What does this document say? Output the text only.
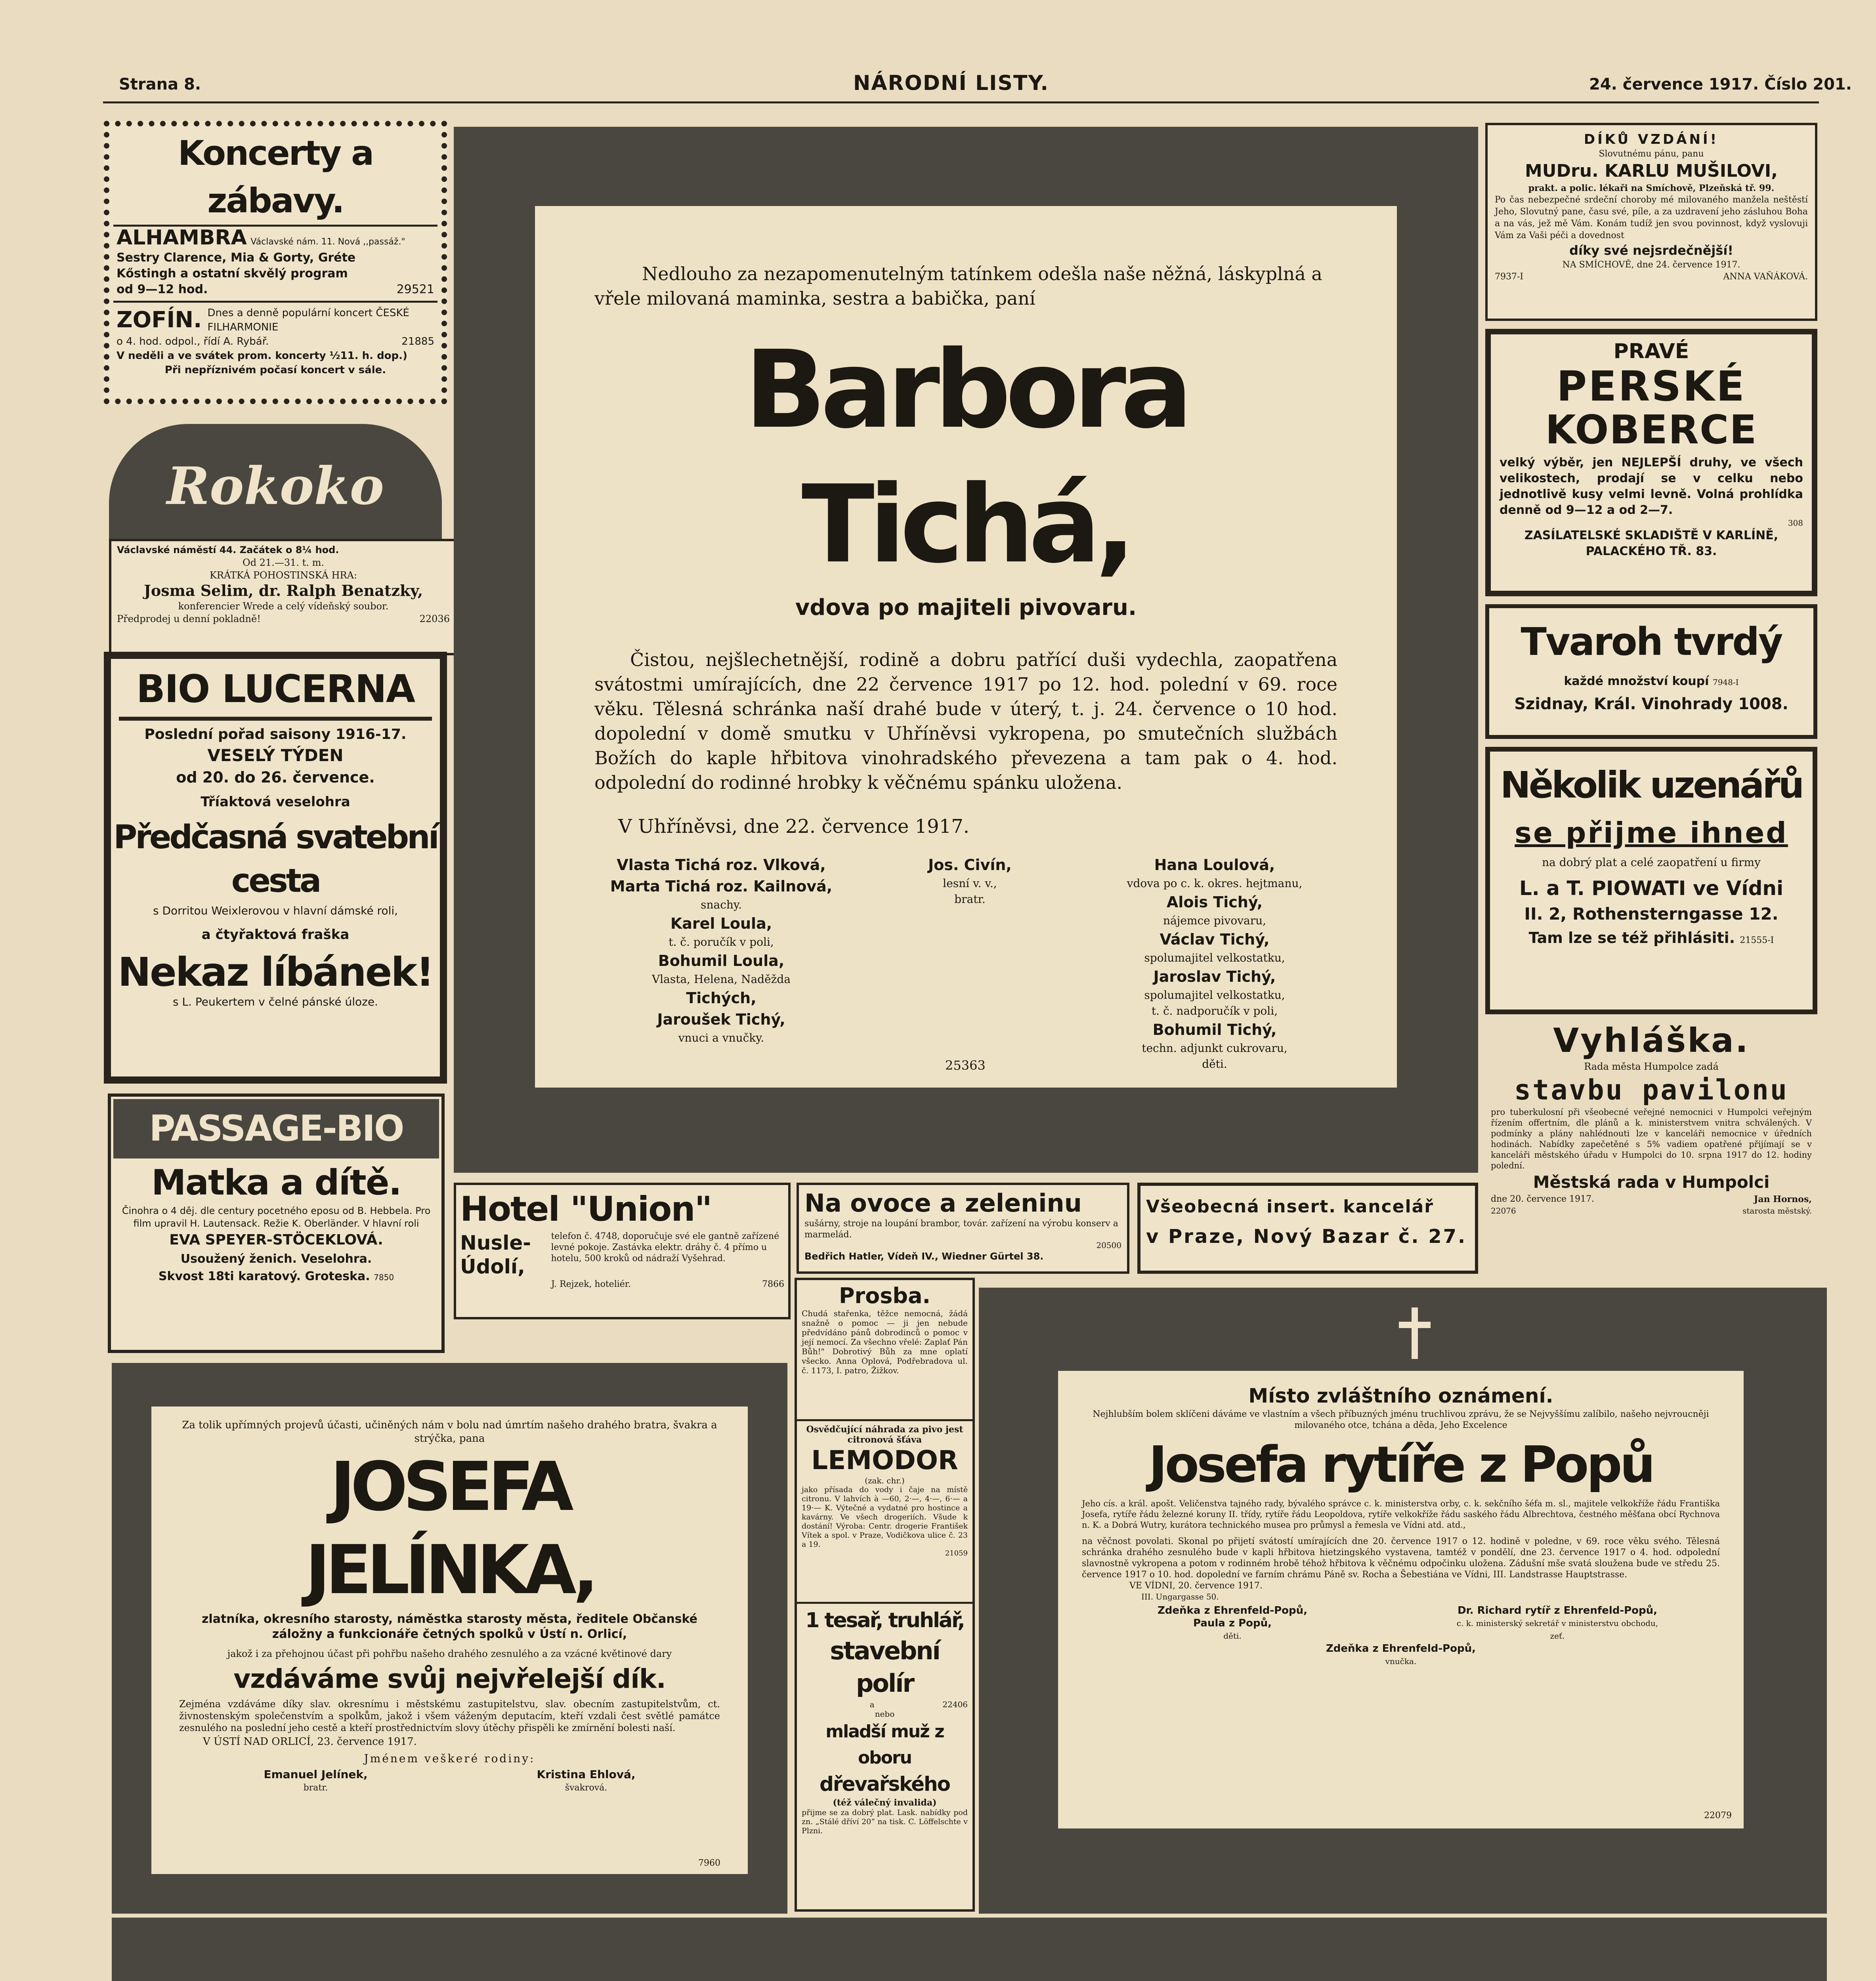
Strana 8.	NÁRODNÍ LISTY.	24. července 1917. Číslo 201.
Koncerty a zábavy.
ALHAMBRA Václavské nám. 11. Nová ,,passáž."
Sestry Clarence, Mia & Gorty, Gréte
Kőstingh a ostatní skvělý program
od 9—12 hod.	29521
ZOFÍN. Dnes a denně populární koncert ČESKÉ FILHARMONIE
o 4. hod. odpol., řídí A. Rybář.	21885
V neděli a ve svátek prom. koncerty ½11. h. dop.)
Při nepříznivém počasí koncert v sále.
Rokoko
Václavské náměstí 44. Začátek o 8¼ hod.
Od 21.—31. t. m.
KRÁTKÁ POHOSTINSKÁ HRA:
Josma Selim, dr. Ralph Benatzky,
konferencier Wrede a celý vídeňský soubor.
Předprodej u denní pokladně!	22036
BIO LUCERNA
Poslední pořad saisony 1916-17.
VESELÝ TÝDEN
od 20. do 26. července.
Tříaktová veselohra
Předčasná svatební cesta
s Dorritou Weixlerovou v hlavní dámské roli,
a čtyřaktová fraška
Nekaz líbánek!
s L. Peukertem v čelné pánské úloze.
PASSAGE-BIO
Matka a dítě.
Činohra o 4 děj. dle century pocetného eposu od B. Hebbela. Pro film upravil H. Lautensack. Režie K. Oberländer. V hlavní roli
EVA SPEYER-STÖCEKLOVÁ.
Usoužený ženich. Veselohra.
Skvost 18ti karatový. Groteska. 7850

Nedlouho za nezapomenutelným tatínkem odešla naše něžná, láskyplná a vřele milovaná maminka, sestra a babička, paní

Barbora Tichá,
vdova po majiteli pivovaru.

Čistou, nejšlechetnější, rodině a dobru patřící duši vydechla, zaopatřena svátostmi umírajících, dne 22 července 1917 po 12. hod. polední v 69. roce věku. Tělesná schránka naší drahé bude v úterý, t. j. 24. července o 10 hod. dopolední v domě smutku v Uhříněvsi vykropena, po smutečních službách Božích do kaple hřbitova vinohradského převezena a tam pak o 4. hod. odpolední do rodinné hrobky k věčnému spánku uložena.

V Uhříněvsi, dne 22. července 1917.
Vlasta Tichá roz. Vlková,
Marta Tichá roz. Kailnová,
snachy.
Karel Loula,
t. č. poručík v poli,
Bohumil Loula,
Vlasta, Helena, Naděžda
Tichých,
Jaroušek Tichý,
vnuci a vnučky.
Jos. Civín,
lesní v. v.,
bratr.
Hana Loulová,
vdova po c. k. okres. hejtmanu,
Alois Tichý,
nájemce pivovaru,
Václav Tichý,
spolumajitel velkostatku,
Jaroslav Tichý,
spolumajitel velkostatku,
t. č. nadporučík v poli,
Bohumil Tichý,
techn. adjunkt cukrovaru,
děti.
25363
DÍKŮ VZDÁNÍ!
Slovutnému pánu, panu
MUDru. KARLU MUŠILOVI,
prakt. a polic. lékaři na Smíchově, Plzeňská tř. 99.

Po čas nebezpečné srdeční choroby mé milovaného manžela neštěstí Jeho, Slovutný pane, času své, píle, a za uzdravení jeho zásluhou Boha a na vás, jež mě Vám. Konám tudíž jen svou povinnost, když vyslovuji Vám za Vaši péči a dovednost

díky své nejsrdečnější!
NA SMÍCHOVĚ, dne 24. července 1917.
7937-I	ANNA VAŇÁKOVÁ.
PRAVÉ
PERSKÉ
KOBERCE

velký výběr, jen NEJLEPŠÍ druhy, ve všech velikostech, prodají se v celku nebo jednotlivě kusy velmi levně. Volná prohlídka denně od 9—12 a od 2—7.

308
ZASÍLATELSKÉ SKLADIŠTĚ V KARLÍNĚ, PALACKÉHO TŘ. 83.
Tvaroh tvrdý
každé množství koupí 7948-I
Szidnay, Král. Vinohrady 1008.
Několik uzenářů
se přijme ihned
na dobrý plat a celé zaopatření u firmy
L. a T. PIOWATI ve Vídni
II. 2, Rothensterngasse 12.
Tam lze se též přihlásiti. 21555-I
Vyhláška.
Rada města Humpolce zadá
stavbu pavilonu

pro tuberkulosní při všeobecné veřejné nemocnici v Humpolci veřejným řízením offertním, dle plánů a k. ministerstvem vnitra schválených. V podmínky a plány nahlédnouti lze v kanceláři nemocnice v úředních hodinách. Nabídky zapečetěné s 5% vadiem opatřené přijímají se v kanceláři městského úřadu v Humpolci do 10. srpna 1917 do 12. hodiny polední.

Městská rada v Humpolci
dne 20. července 1917.	Jan Hornos,
22076	starosta městský.
Hotel "Union"
Nusle-Údolí,

telefon č. 4748, doporučuje své ele gantně zařízené levné pokoje. Zastávka elektr. dráhy č. 4 přímo u hotelu, 500 kroků od nádraží Vyšehrad.

J. Rejzek, hoteliér.	7866
Na ovoce a zeleninu

sušárny, stroje na loupání brambor, továr. zařízení na výrobu konserv a marmelád.

20500
Bedřich Hatler, Vídeň IV., Wiedner Gürtel 38.
Všeobecná insert. kancelář
v Praze, Nový Bazar č. 27.
Prosba.

Chudá stařenka, těžce nemocná, žádá snažně o pomoc — ji jen nebude předvídáno pánů dobrodinců o pomoc v její nemocí. Za všechno vřelé: Zaplať Pán Bůh!" Dobrotivý Bůh za mne oplatí všecko. Anna Oplová, Podřebradova ul. č. 1173, I. patro, Žižkov.

Osvědčující náhrada za pivo jest citronová šťáva
LEMODOR
(zak. chr.)

jako přísada do vody i čaje na místě citronu. V lahvích à —60, 2·—, 4·—, 6·— a 19·— K. Výtečné a vydatné pro hostince a kavárny. Ve všech drogeriích. Všude k dostání! Výroba: Centr. drogerie František Vítek a spol. v Praze, Vodičkova ulice č. 23 a 19.

21059
1 tesař, truhlář,
stavební polír
a	22406
nebo
mladší muž z oboru
dřevařského
(též válečný invalida)

přijme se za dobrý plat. Lask. nabídky pod zn. „Stálé dříví 20“ na tisk. C. Löffelschte v Plzni.

Za tolik upřímných projevů účasti, učiněných nám v bolu nad úmrtím našeho drahého bratra, švakra a strýčka, pana

JOSEFA JELÍNKA,

zlatníka, okresního starosty, náměstka starosty města, ředitele Občanské záložny a funkcionáře četných spolků v Ústí n. Orlicí,

jakož i za přehojnou účast při pohřbu našeho drahého zesnulého a za vzácné květinové dary

vzdáváme svůj nejvřelejší dík.

Zejména vzdáváme díky slav. okresnímu i městskému zastupitelstvu, slav. obecním zastupitelstvům, ct. živnostenským společenstvím a spolkům, jakož i všem váženým deputacím, kteří vzdali čest světlé památce zesnulého na poslední jeho cestě a kteří prostřednictvím slovy útěchy přispěli ke zmírnění bolesti naší.

V ÚSTÍ NAD ORLICÍ, 23. července 1917.
Jménem veškeré rodiny:
Emanuel Jelínek,
bratr.
Kristina Ehlová,
švakrová.
7960
Místo zvláštního oznámení.

Nejhlubším bolem sklíčeni dáváme ve vlastním a všech příbuzných jménu truchlivou zprávu, že se Nejvyššímu zalíbilo, našeho nejvroucněji milovaného otce, tchána a děda, Jeho Excelence

Josefa rytíře z Popů

Jeho cís. a král. apošt. Veličenstva tajného rady, bývalého správce c. k. ministerstva orby, c. k. sekčního šéfa m. sl., majitele velkokříže řádu Františka Josefa, rytíře řádu železné koruny II. třídy, rytíře řádu Leopoldova, rytíře velkokříže řádu saského řádu Albrechtova, čestného měšťana obcí Rychnova n. K. a Dobrá Wutry, kurátora technického musea pro průmysl a řemesla ve Vídni atd. atd.,

na věčnost povolati. Skonal po přijetí svátostí umírajících dne 20. července 1917 o 12. hodině v poledne, v 69. roce věku svého. Tělesná schránka drahého zesnulého bude v kapli hřbitova hietzingského vystavena, tamtéž v pondělí, dne 23. července 1917 o 4. hod. odpolední slavnostně vykropena a potom v rodinném hrobě téhož hřbitova k věčnému odpočinku uložena. Zádušní mše svatá sloužena bude ve středu 25. července 1917 o 10. hod. dopolední ve farním chrámu Páně sv. Rocha a Šebestiána ve Vídni, III. Landstrasse Hauptstrasse.

VE VÍDNI, 20. července 1917.
III. Ungargasse 50.
Zdeňka z Ehrenfeld-Popů,
Paula z Popů,
děti.
Dr. Richard rytíř z Ehrenfeld-Popů,
c. k. ministerský sekretář v ministerstvu obchodu,
zeť.
Zdeňka z Ehrenfeld-Popů,
vnučka.
22079
